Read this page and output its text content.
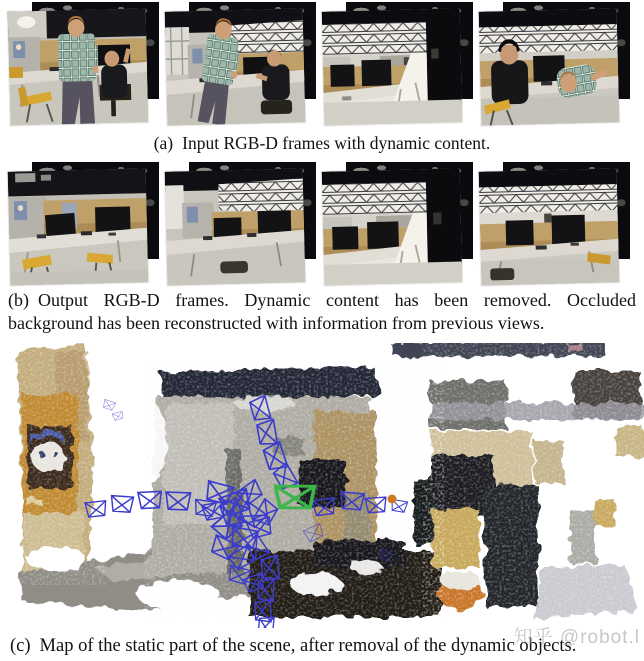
(a) Input RGB-D frames with dynamic content.

(b) Output RGB-D frames. Dynamic content has been removed. Occluded background has been reconstructed with information from previous views.

(c) Map of the static part of the scene, after removal of the dynamic objects.
知乎 @robot.l
